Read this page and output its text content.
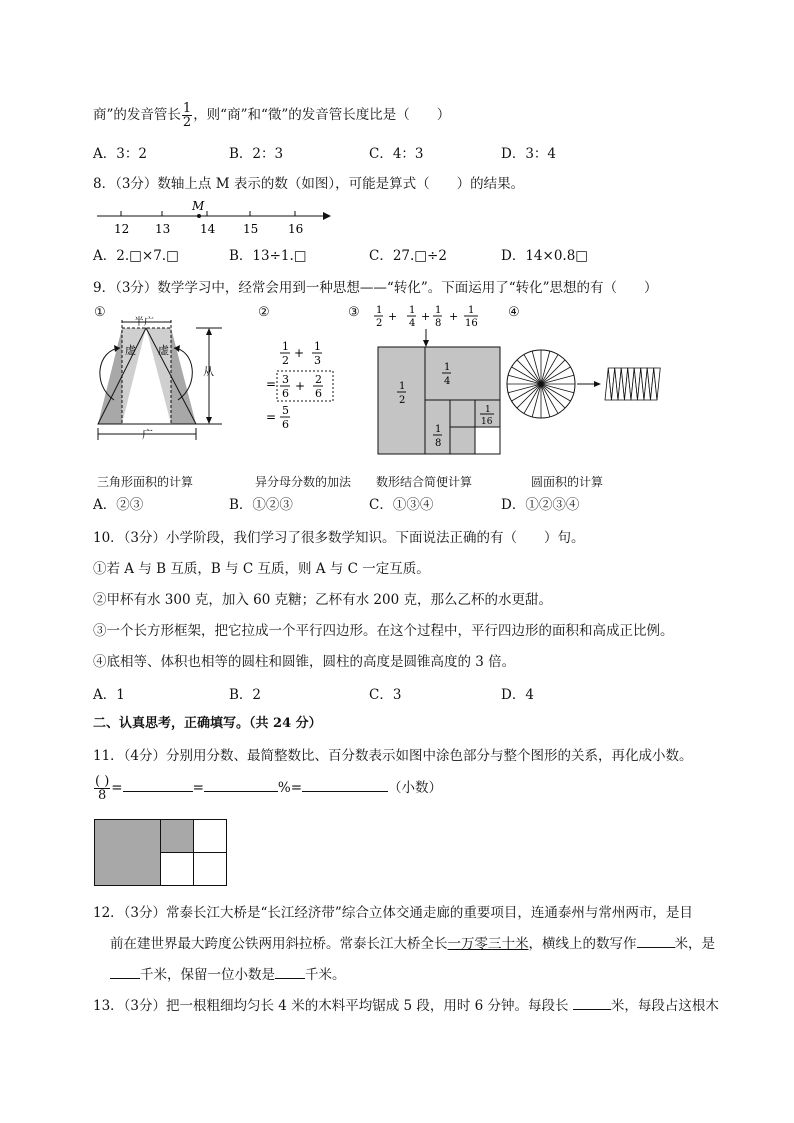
商”的发音管长 $\frac{1}{2}$ ，则“商”和“徵”的发音管长度比是（　　）
A．3：2	B．2：3	C．4：3	D．3：4
8．（3分）数轴上点 M 表示的数（如图），可能是算式（　　）的结果。
M
12 13 14 15 16
A．2.□×7.□	B．13÷1.□	C．27.□÷2	D．14×0.8□
9．（3分）数学学习中，经常会用到一种思想——“转化”。下面运用了“转化”思想的有（　　）
①
半广
虚 虚
从
广
三角形面积的计算
②
1
2
+ 1
3
= 3
6
+ 2
6
= 5
6
异分母分数的加法
③ 1
2
+ 1
4
+ 1
8
+ 1
16
1
2
1
4
1
8
1
16
数形结合简便计算
④
圆面积的计算
A．②③	B．①②③	C．①③④	D．①②③④
10．（3分）小学阶段，我们学习了很多数学知识。下面说法正确的有（　　）句。
①若 A 与 B 互质，B 与 C 互质，则 A 与 C 一定互质。
②甲杯有水 300 克，加入 60 克糖；乙杯有水 200 克，那么乙杯的水更甜。
③一个长方形框架，把它拉成一个平行四边形。在这个过程中，平行四边形的面积和高成正比例。
④底相等、体积也相等的圆柱和圆锥，圆柱的高度是圆锥高度的 3 倍。
A．1	B．2	C．3	D．4
二、认真思考，正确填写。（共 24 分）
11．（4分）分别用分数、最简整数比、百分数表示如图中涂色部分与整个图形的关系，再化成小数。
$\frac{( )}{8}$ =	=	%=	（小数）
12．（3分）常泰长江大桥是“长江经济带”综合立体交通走廊的重要项目，连通泰州与常州两市，是目
前在建世界最大跨度公铁两用斜拉桥。常泰长江大桥全长一万零三十米，横线上的数写作	米，是
千米，保留一位小数是 千米。
13．（3分）把一根粗细均匀长 4 米的木料平均锯成 5 段，用时 6 分钟。每段长	米，每段占这根木
